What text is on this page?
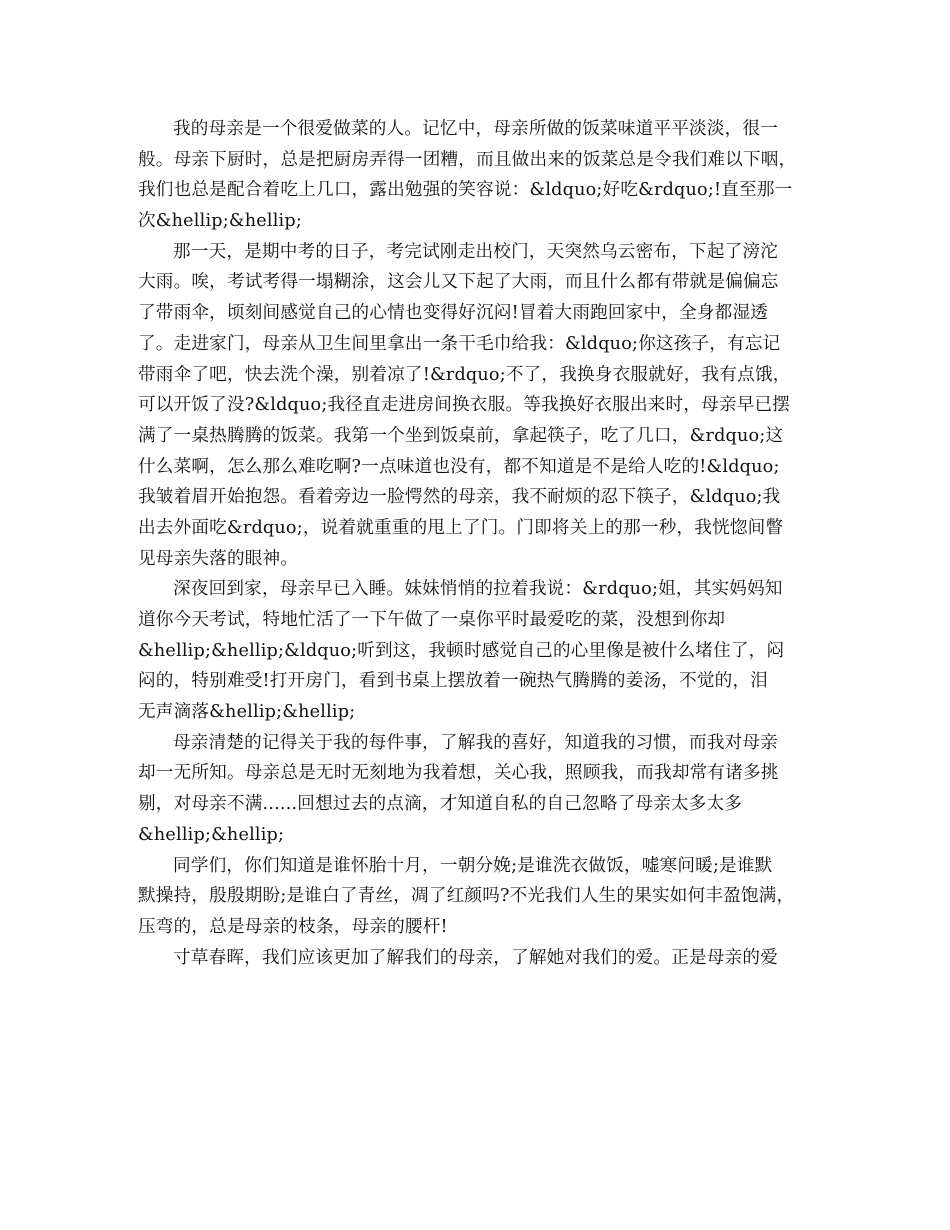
我的母亲是一个很爱做菜的人。记忆中，母亲所做的饭菜味道平平淡淡，很一
般。母亲下厨时，总是把厨房弄得一团糟，而且做出来的饭菜总是令我们难以下咽，
我们也总是配合着吃上几口，露出勉强的笑容说：&ldquo;好吃&rdquo;!直至那一
次&hellip;&hellip;
那一天，是期中考的日子，考完试刚走出校门，天突然乌云密布，下起了滂沱
大雨。唉，考试考得一塌糊涂，这会儿又下起了大雨，而且什么都有带就是偏偏忘
了带雨伞，顷刻间感觉自己的心情也变得好沉闷!冒着大雨跑回家中，全身都湿透
了。走进家门，母亲从卫生间里拿出一条干毛巾给我：&ldquo;你这孩子，有忘记
带雨伞了吧，快去洗个澡，别着凉了!&rdquo;不了，我换身衣服就好，我有点饿，
可以开饭了没?&ldquo;我径直走进房间换衣服。等我换好衣服出来时，母亲早已摆
满了一桌热腾腾的饭菜。我第一个坐到饭桌前，拿起筷子，吃了几口，&rdquo;这
什么菜啊，怎么那么难吃啊?一点味道也没有，都不知道是不是给人吃的!&ldquo;
我皱着眉开始抱怨。看着旁边一脸愕然的母亲，我不耐烦的忍下筷子，&ldquo;我
出去外面吃&rdquo;，说着就重重的甩上了门。门即将关上的那一秒，我恍惚间瞥
见母亲失落的眼神。
深夜回到家，母亲早已入睡。妹妹悄悄的拉着我说：&rdquo;姐，其实妈妈知
道你今天考试，特地忙活了一下午做了一桌你平时最爱吃的菜，没想到你却
&hellip;&hellip;&ldquo;听到这，我顿时感觉自己的心里像是被什么堵住了，闷
闷的，特别难受!打开房门，看到书桌上摆放着一碗热气腾腾的姜汤，不觉的，泪
无声滴落&hellip;&hellip;
母亲清楚的记得关于我的每件事，了解我的喜好，知道我的习惯，而我对母亲
却一无所知。母亲总是无时无刻地为我着想，关心我，照顾我，而我却常有诸多挑
剔，对母亲不满......回想过去的点滴，才知道自私的自己忽略了母亲太多太多
&hellip;&hellip;
同学们，你们知道是谁怀胎十月，一朝分娩;是谁洗衣做饭，嘘寒问暖;是谁默
默操持，殷殷期盼;是谁白了青丝，凋了红颜吗?不光我们人生的果实如何丰盈饱满，
压弯的，总是母亲的枝条，母亲的腰杆!
寸草春晖，我们应该更加了解我们的母亲，了解她对我们的爱。正是母亲的爱
